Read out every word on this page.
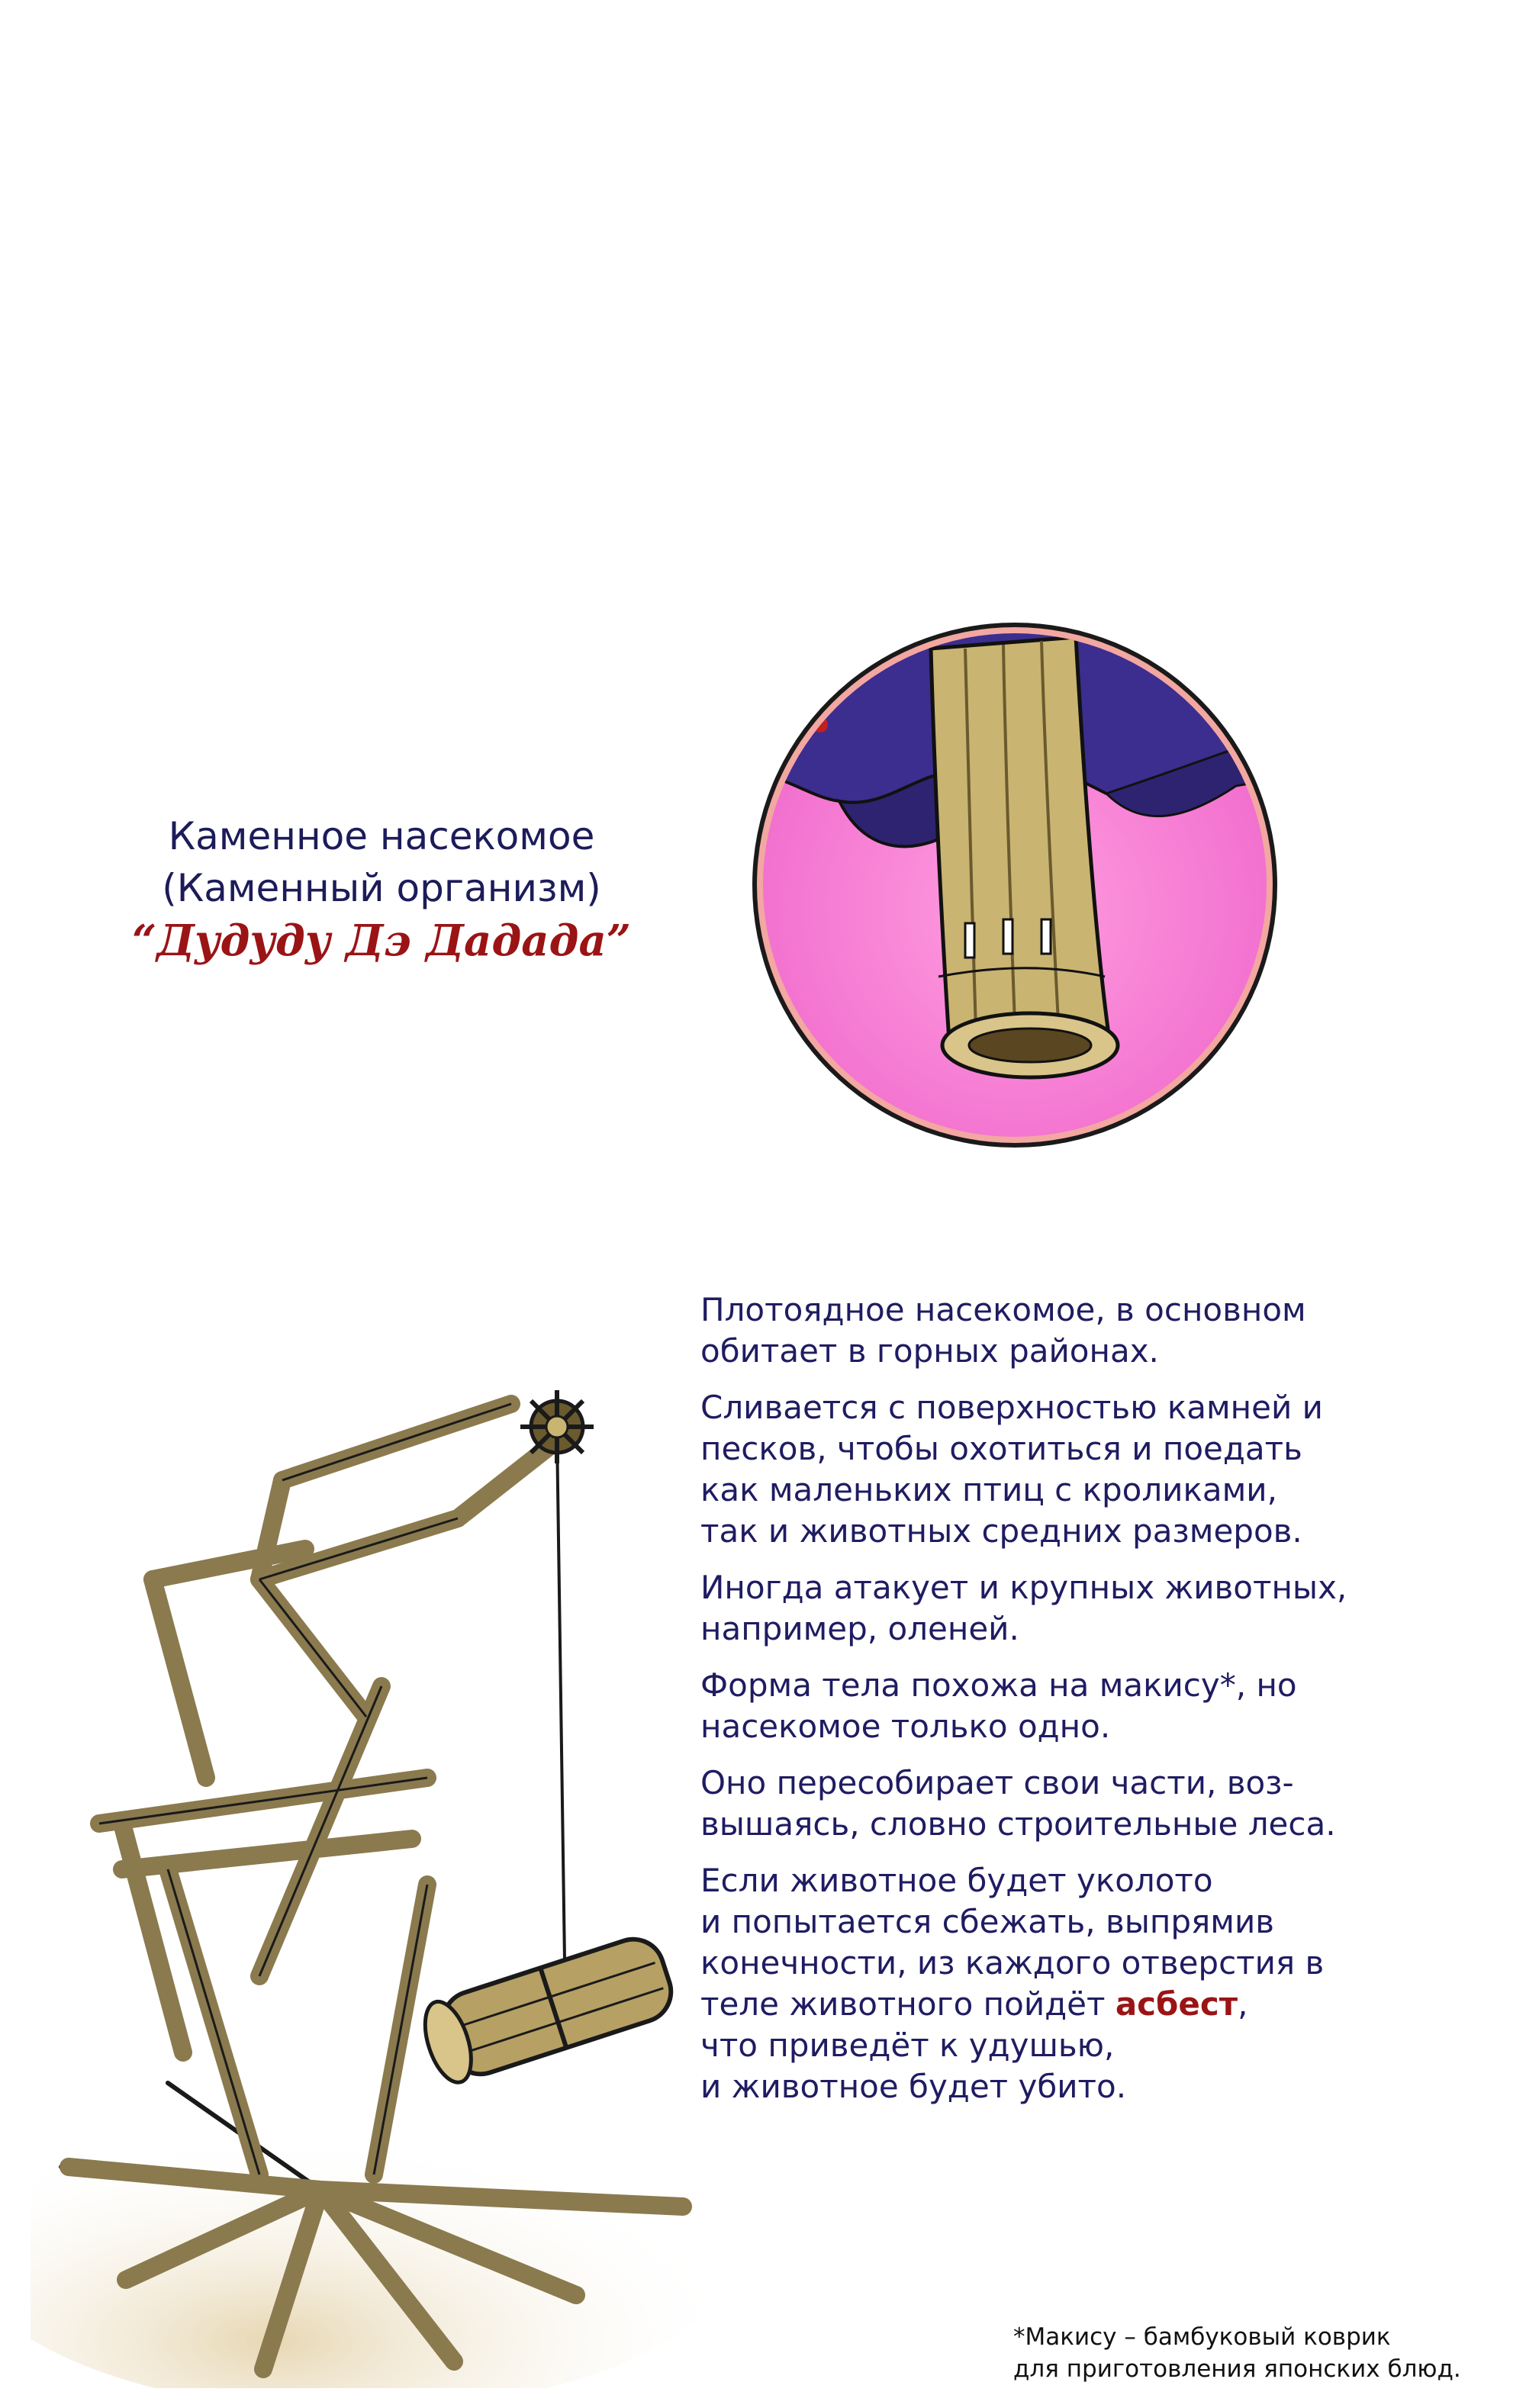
Каменное насекомое
(Каменный организм)
“Дудуду Дэ Дадада”

Плотоядное насекомое, в основном
обитает в горных районах.

Сливается с поверхностью камней и
песков, чтобы охотиться и поедать
как маленьких птиц с кроликами,
так и животных средних размеров.

Иногда атакует и крупных животных,
например, оленей.

Форма тела похожа на макису*, но
насекомое только одно.

Оно пересобирает свои части, воз-
вышаясь, словно строительные леса.

Если животное будет уколото
и попытается сбежать, выпрямив
конечности, из каждого отверстия в
теле животного пойдёт асбест,
что приведёт к удушью,
и животное будет убито.

*Макису – бамбуковый коврик
для приготовления японских блюд.
